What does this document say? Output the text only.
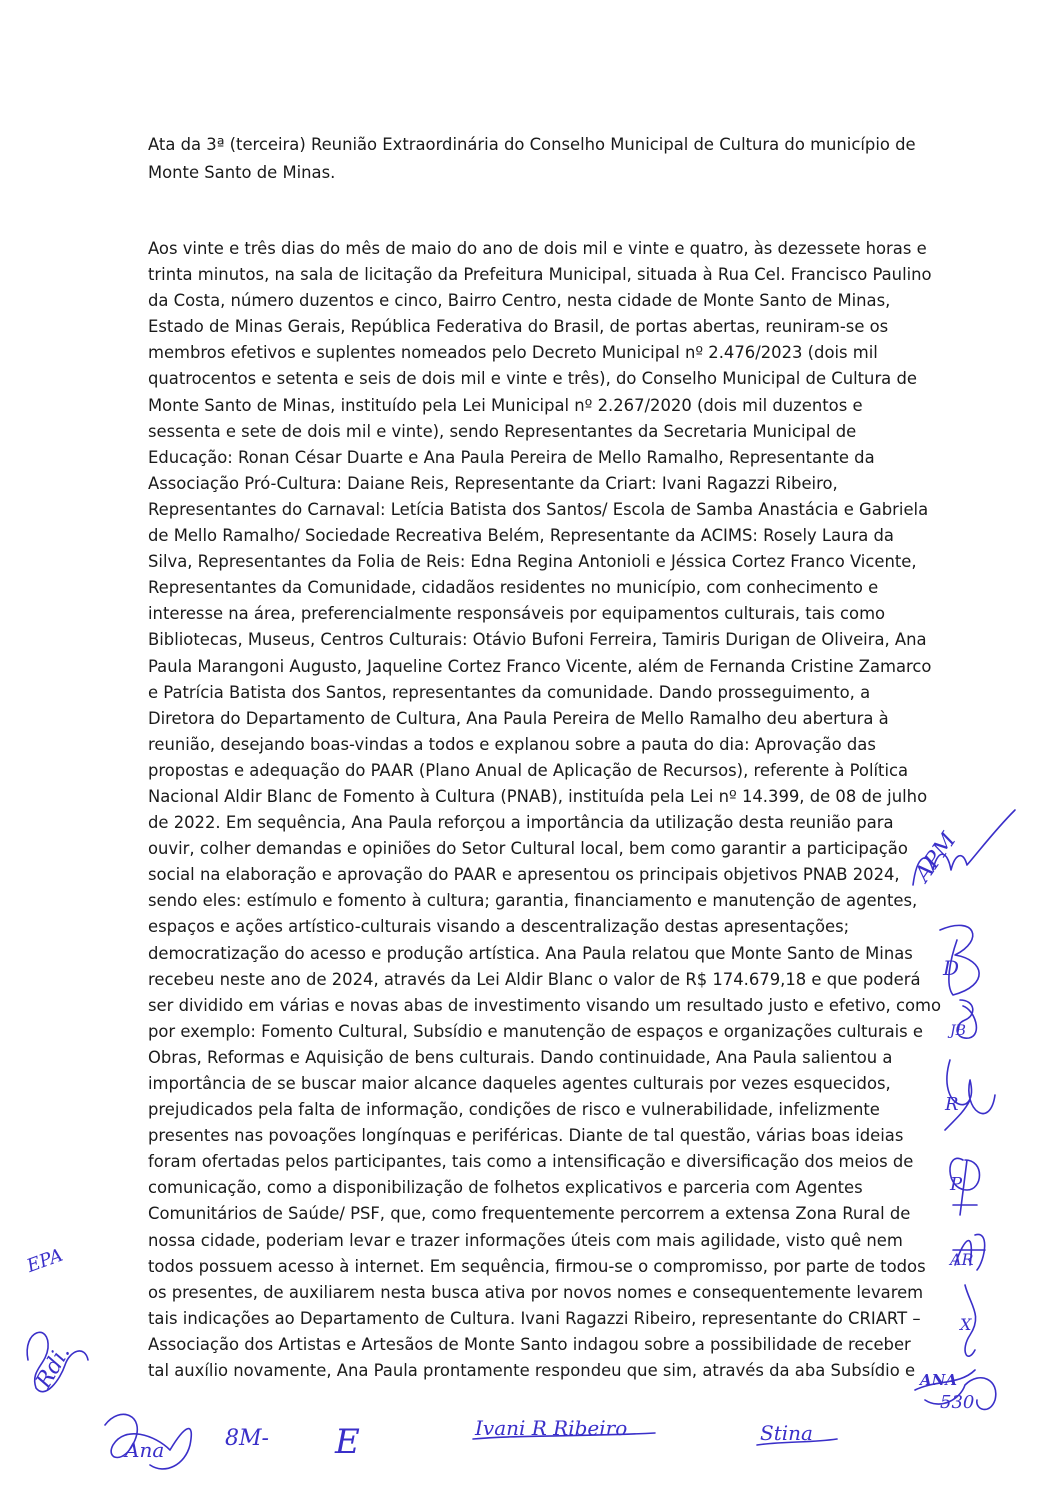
Ata da 3ª (terceira) Reunião Extraordinária do Conselho Municipal de Cultura do município de
Monte Santo de Minas.
Aos vinte e três dias do mês de maio do ano de dois mil e vinte e quatro, às dezessete horas e
trinta minutos, na sala de licitação da Prefeitura Municipal, situada à Rua Cel. Francisco Paulino
da Costa, número duzentos e cinco, Bairro Centro, nesta cidade de Monte Santo de Minas,
Estado de Minas Gerais, República Federativa do Brasil, de portas abertas, reuniram-se os
membros efetivos e suplentes nomeados pelo Decreto Municipal nº 2.476/2023 (dois mil
quatrocentos e setenta e seis de dois mil e vinte e três), do Conselho Municipal de Cultura de
Monte Santo de Minas, instituído pela Lei Municipal nº 2.267/2020 (dois mil duzentos e
sessenta e sete de dois mil e vinte), sendo Representantes da Secretaria Municipal de
Educação: Ronan César Duarte e Ana Paula Pereira de Mello Ramalho, Representante da
Associação Pró-Cultura: Daiane Reis, Representante da Criart: Ivani Ragazzi Ribeiro,
Representantes do Carnaval: Letícia Batista dos Santos/ Escola de Samba Anastácia e Gabriela
de Mello Ramalho/ Sociedade Recreativa Belém, Representante da ACIMS: Rosely Laura da
Silva, Representantes da Folia de Reis: Edna Regina Antonioli e Jéssica Cortez Franco Vicente,
Representantes da Comunidade, cidadãos residentes no município, com conhecimento e
interesse na área, preferencialmente responsáveis por equipamentos culturais, tais como
Bibliotecas, Museus, Centros Culturais: Otávio Bufoni Ferreira, Tamiris Durigan de Oliveira, Ana
Paula Marangoni Augusto, Jaqueline Cortez Franco Vicente, além de Fernanda Cristine Zamarco
e Patrícia Batista dos Santos, representantes da comunidade. Dando prosseguimento, a
Diretora do Departamento de Cultura, Ana Paula Pereira de Mello Ramalho deu abertura à
reunião, desejando boas-vindas a todos e explanou sobre a pauta do dia: Aprovação das
propostas e adequação do PAAR (Plano Anual de Aplicação de Recursos), referente à Política
Nacional Aldir Blanc de Fomento à Cultura (PNAB), instituída pela Lei nº 14.399, de 08 de julho
de 2022. Em sequência, Ana Paula reforçou a importância da utilização desta reunião para
ouvir, colher demandas e opiniões do Setor Cultural local, bem como garantir a participação
social na elaboração e aprovação do PAAR e apresentou os principais objetivos PNAB 2024,
sendo eles: estímulo e fomento à cultura; garantia, financiamento e manutenção de agentes,
espaços e ações artístico-culturais visando a descentralização destas apresentações;
democratização do acesso e produção artística. Ana Paula relatou que Monte Santo de Minas
recebeu neste ano de 2024, através da Lei Aldir Blanc o valor de R$ 174.679,18 e que poderá
ser dividido em várias e novas abas de investimento visando um resultado justo e efetivo, como
por exemplo: Fomento Cultural, Subsídio e manutenção de espaços e organizações culturais e
Obras, Reformas e Aquisição de bens culturais. Dando continuidade, Ana Paula salientou a
importância de se buscar maior alcance daqueles agentes culturais por vezes esquecidos,
prejudicados pela falta de informação, condições de risco e vulnerabilidade, infelizmente
presentes nas povoações longínquas e periféricas. Diante de tal questão, várias boas ideias
foram ofertadas pelos participantes, tais como a intensificação e diversificação dos meios de
comunicação, como a disponibilização de folhetos explicativos e parceria com Agentes
Comunitários de Saúde/ PSF, que, como frequentemente percorrem a extensa Zona Rural de
nossa cidade, poderiam levar e trazer informações úteis com mais agilidade, visto quê nem
todos possuem acesso à internet. Em sequência, firmou-se o compromisso, por parte de todos
os presentes, de auxiliarem nesta busca ativa por novos nomes e consequentemente levarem
tais indicações ao Departamento de Cultura. Ivani Ragazzi Ribeiro, representante do CRIART –
Associação dos Artistas e Artesãos de Monte Santo indagou sobre a possibilidade de receber
tal auxílio novamente, Ana Paula prontamente respondeu que sim, através da aba Subsídio e
APM
D
JB
R
P
AR
X
ANA
530
EPA
Rdi.
Ana	8M- E	Ivani R Ribeiro	Stina
